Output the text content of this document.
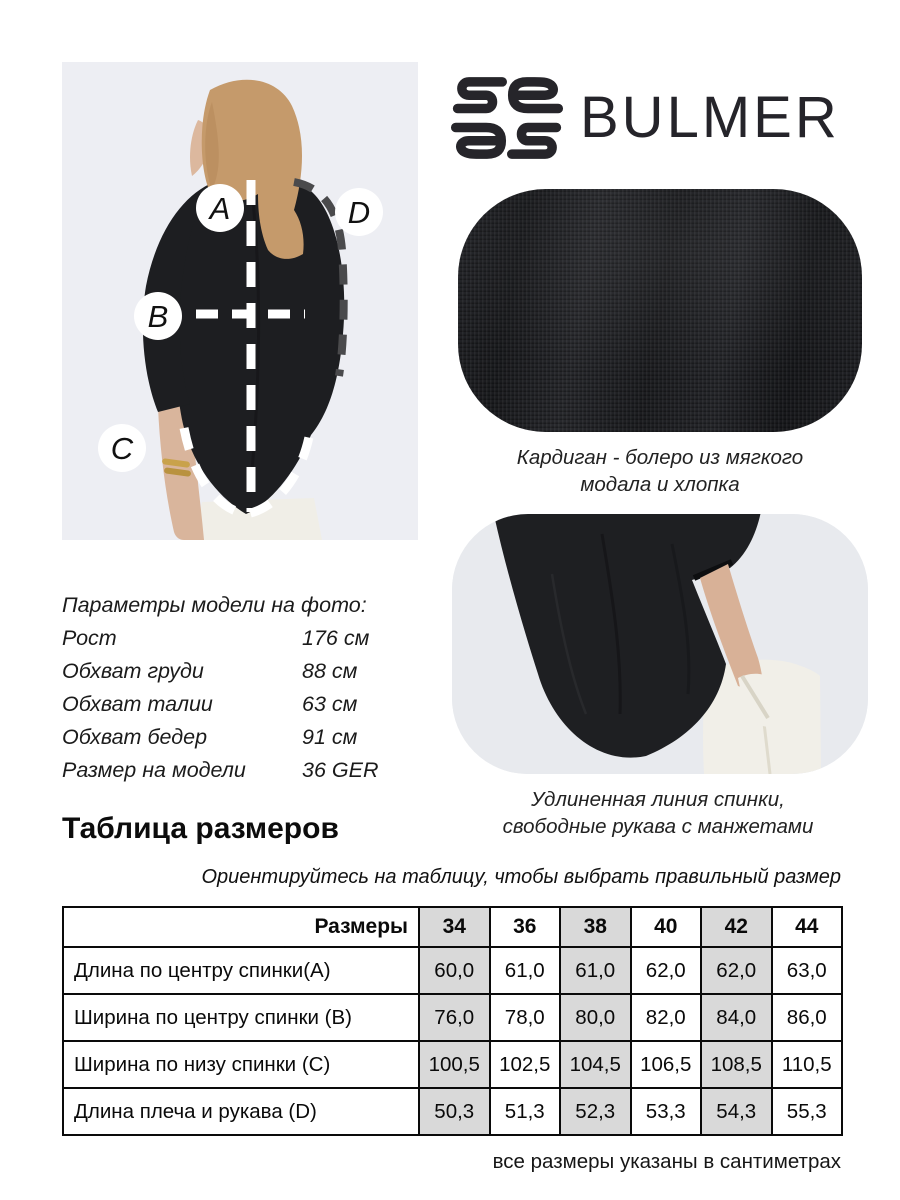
A
B
C
D
BULMER
Кардиган - болеро из мягкого
модала и хлопка
Удлиненная линия спинки,
свободные рукава с манжетами
Параметры модели на фото:
Рост	176 см
Обхват груди	88 см
Обхват талии	63 см
Обхват бедер	91 см
Размер на модели	36 GER
Таблица размеров
Ориентируйтесь на таблицу, чтобы выбрать правильный размер
Размеры	34	36	38	40	42	44
Длина по центру спинки(A)	60,0	61,0	61,0	62,0	62,0	63,0
Ширина по центру спинки (B)	76,0	78,0	80,0	82,0	84,0	86,0
Ширина по низу спинки (C)	100,5	102,5	104,5	106,5	108,5	110,5
Длина плеча и рукава (D)	50,3	51,3	52,3	53,3	54,3	55,3
все размеры указаны в сантиметрах
